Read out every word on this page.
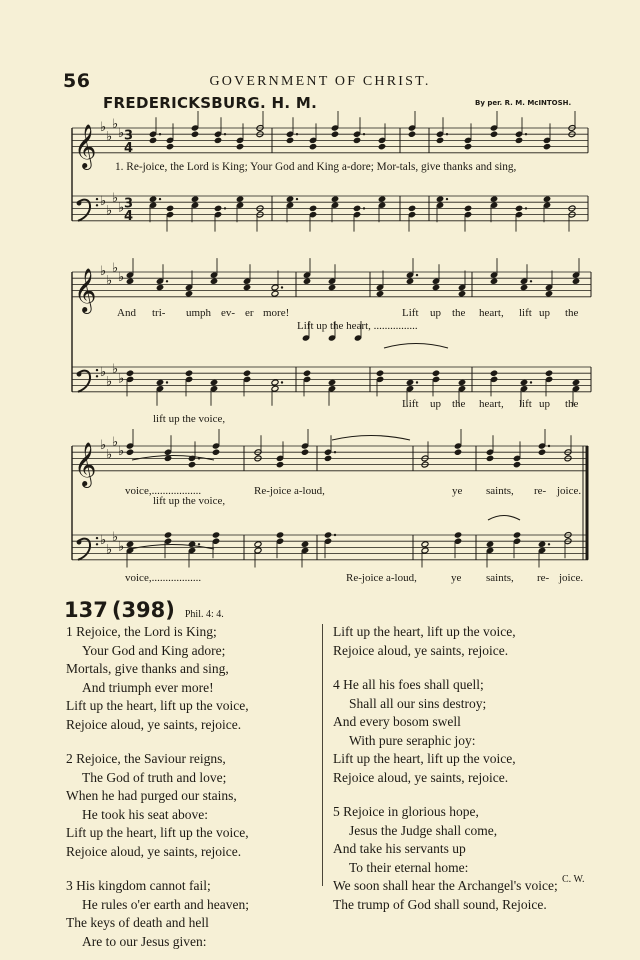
56	GOVERNMENT OF CHRIST.
FREDERICKSBURG. H. M.	By per. R. M. McINTOSH.
𝄞 ♭
♭
♭
♭
♭
♭
♭
♭
3
4
3
4
𝄞 ♭
♭
♭
♭
♭
♭
♭
♭
𝄞 ♭
♭
♭
♭
♭
♭
♭
♭
1. Re-joice, the Lord is King; Your God and King a-dore; Mor-tals, give thanks and sing,
And tri- umph ev- er more!	Lift up the heart, lift up the
Lift up the heart, ................
Lift up the heart, lift up the
lift up the voice,
voice,..................	Re-joice a-loud,	ye saints, re- joice.
lift up the voice,
voice,..................	Re-joice a-loud,	ye saints, re- joice.
137 (398) Phil. 4: 4.
1 Rejoice, the Lord is King;
Your God and King adore;
Mortals, give thanks and sing,
And triumph ever more!
Lift up the heart, lift up the voice,
Rejoice aloud, ye saints, rejoice.
2 Rejoice, the Saviour reigns,
The God of truth and love;
When he had purged our stains,
He took his seat above:
Lift up the heart, lift up the voice,
Rejoice aloud, ye saints, rejoice.
3 His kingdom cannot fail;
He rules o'er earth and heaven;
The keys of death and hell
Are to our Jesus given:
Lift up the heart, lift up the voice,
Rejoice aloud, ye saints, rejoice.
4 He all his foes shall quell;
Shall all our sins destroy;
And every bosom swell
With pure seraphic joy:
Lift up the heart, lift up the voice,
Rejoice aloud, ye saints, rejoice.
5 Rejoice in glorious hope,
Jesus the Judge shall come,
And take his servants up
To their eternal home:
We soon shall hear the Archangel's voice;
The trump of God shall sound, Rejoice.
C. W.
